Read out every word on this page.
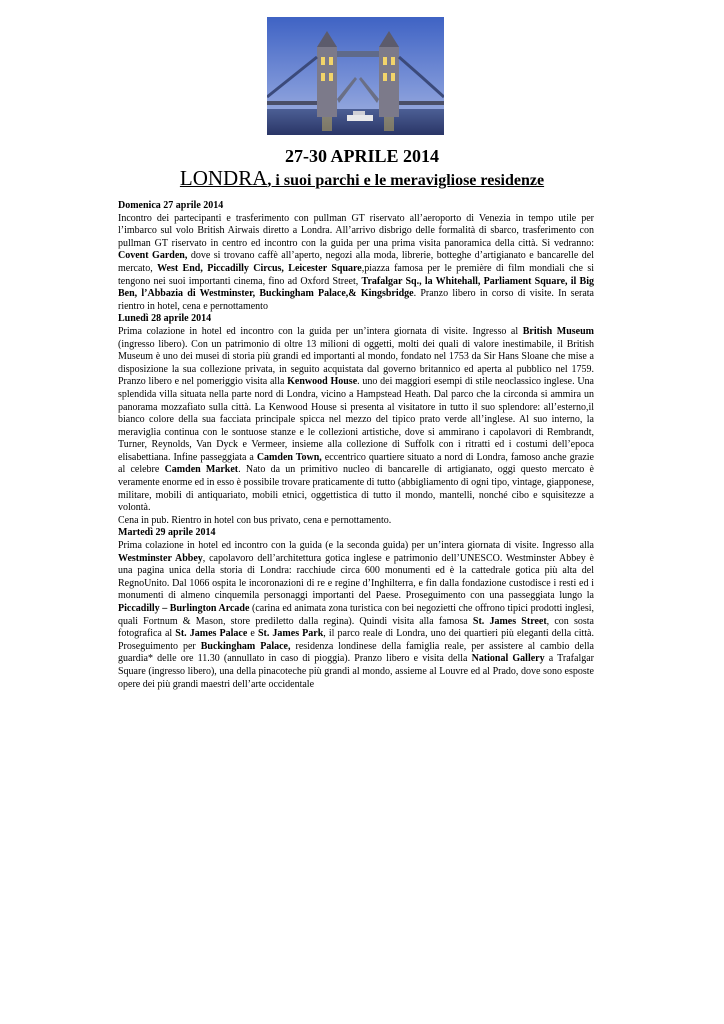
27-30 APRILE 2014
LONDRA, i suoi parchi e le meravigliose residenze
Domenica 27 aprile 2014

Incontro dei partecipanti e trasferimento con pullman GT riservato all’aeroporto di Venezia in tempo utile per l’imbarco sul volo British Airwais diretto a Londra. All’arrivo disbrigo delle formalità di sbarco, trasferimento con pullman GT riservato in centro ed incontro con la guida per una prima visita panoramica della città. Si vedranno: Covent Garden, dove si trovano caffè all’aperto, negozi alla moda, librerie, botteghe d’artigianato e bancarelle del mercato, West End, Piccadilly Circus, Leicester Square,piazza famosa per le première di film mondiali che si tengono nei suoi importanti cinema, fino ad Oxford Street, Trafalgar Sq., la Whitehall, Parliament Square, il Big Ben, l’Abbazia di Westminster, Buckingham Palace,& Kingsbridge. Pranzo libero in corso di visite. In serata rientro in hotel, cena e pernottamento

Lunedì 28 aprile 2014

Prima colazione in hotel ed incontro con la guida per un’intera giornata di visite. Ingresso al British Museum (ingresso libero). Con un patrimonio di oltre 13 milioni di oggetti, molti dei quali di valore inestimabile, il British Museum è uno dei musei di storia più grandi ed importanti al mondo, fondato nel 1753 da Sir Hans Sloane che mise a disposizione la sua collezione privata, in seguito acquistata dal governo britannico ed aperta al pubblico nel 1759. Pranzo libero e nel pomeriggio visita alla Kenwood House. uno dei maggiori esempi di stile neoclassico inglese. Una splendida villa situata nella parte nord di Londra, vicino a Hampstead Heath. Dal parco che la circonda si ammira un panorama mozzafiato sulla città. La Kenwood House si presenta al visitatore in tutto il suo splendore: all’esterno,il bianco colore della sua facciata principale spicca nel mezzo del tipico prato verde all’inglese. Al suo interno, la meraviglia continua con le sontuose stanze e le collezioni artistiche, dove si ammirano i capolavori di Rembrandt, Turner, Reynolds, Van Dyck e Vermeer, insieme alla collezione di Suffolk con i ritratti ed i costumi dell’epoca elisabettiana. Infine passeggiata a Camden Town, eccentrico quartiere situato a nord di Londra, famoso anche grazie al celebre Camden Market. Nato da un primitivo nucleo di bancarelle di artigianato, oggi questo mercato è veramente enorme ed in esso è possibile trovare praticamente di tutto (abbigliamento di ogni tipo, vintage, giapponese, militare, mobili di antiquariato, mobili etnici, oggettistica di tutto il mondo, mantelli, nonché cibo e squisitezze a volontà.

Cena in pub. Rientro in hotel con bus privato, cena e pernottamento.

Martedì 29 aprile 2014

Prima colazione in hotel ed incontro con la guida (e la seconda guida) per un’intera giornata di visite. Ingresso alla Westminster Abbey, capolavoro dell’architettura gotica inglese e patrimonio dell’UNESCO. Westminster Abbey è una pagina unica della storia di Londra: racchiude circa 600 monumenti ed è la cattedrale gotica più alta del RegnoUnito. Dal 1066 ospita le incoronazioni di re e regine d’Inghilterra, e fin dalla fondazione custodisce i resti ed i monumenti di almeno cinquemila personaggi importanti del Paese. Proseguimento con una passeggiata lungo la Piccadilly – Burlington Arcade (carina ed animata zona turistica con bei negozietti che offrono tipici prodotti inglesi, quali Fortnum & Mason, store prediletto dalla regina). Quindi visita alla famosa St. James Street, con sosta fotografica al St. James Palace e St. James Park, il parco reale di Londra, uno dei quartieri più eleganti della città. Proseguimento per Buckingham Palace, residenza londinese della famiglia reale, per assistere al cambio della guardia* delle ore 11.30 (annullato in caso di pioggia). Pranzo libero e visita della National Gallery a Trafalgar Square (ingresso libero), una della pinacoteche più grandi al mondo, assieme al Louvre ed al Prado, dove sono esposte opere dei più grandi maestri dell’arte occidentale
